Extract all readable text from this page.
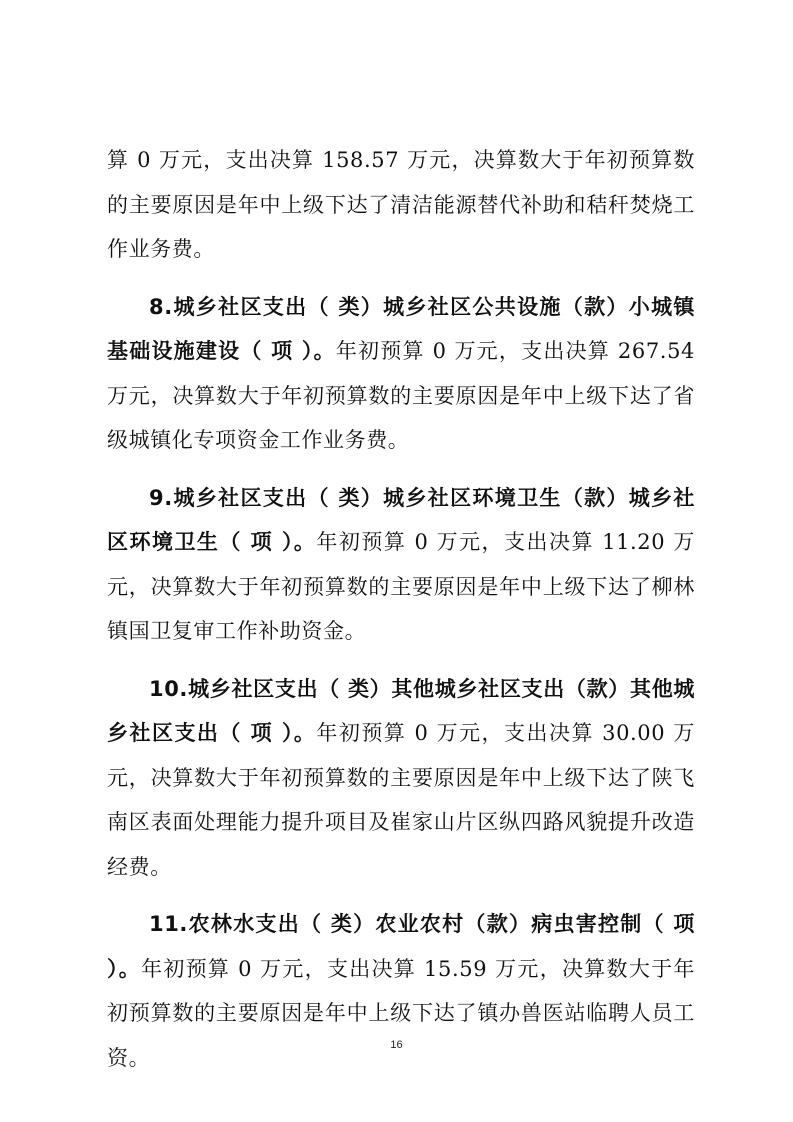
算 0 万元，支出决算 158.57 万元，决算数大于年初预算数的主要原因是年中上级下达了清洁能源替代补助和秸秆焚烧工作业务费。

8.城乡社区支出（ 类）城乡社区公共设施（款）小城镇基础设施建设（ 项 ）。年初预算 0 万元，支出决算 267.54 万元，决算数大于年初预算数的主要原因是年中上级下达了省级城镇化专项资金工作业务费。

9.城乡社区支出（ 类）城乡社区环境卫生（款）城乡社区环境卫生（ 项 ）。年初预算 0 万元，支出决算 11.20 万元，决算数大于年初预算数的主要原因是年中上级下达了柳林镇国卫复审工作补助资金。

10.城乡社区支出（ 类）其他城乡社区支出（款）其他城乡社区支出（ 项 ）。年初预算 0 万元，支出决算 30.00 万元，决算数大于年初预算数的主要原因是年中上级下达了陕飞南区表面处理能力提升项目及崔家山片区纵四路风貌提升改造经费。

11.农林水支出（ 类）农业农村（款）病虫害控制（ 项 ）。年初预算 0 万元，支出决算 15.59 万元，决算数大于年初预算数的主要原因是年中上级下达了镇办兽医站临聘人员工资。

16
